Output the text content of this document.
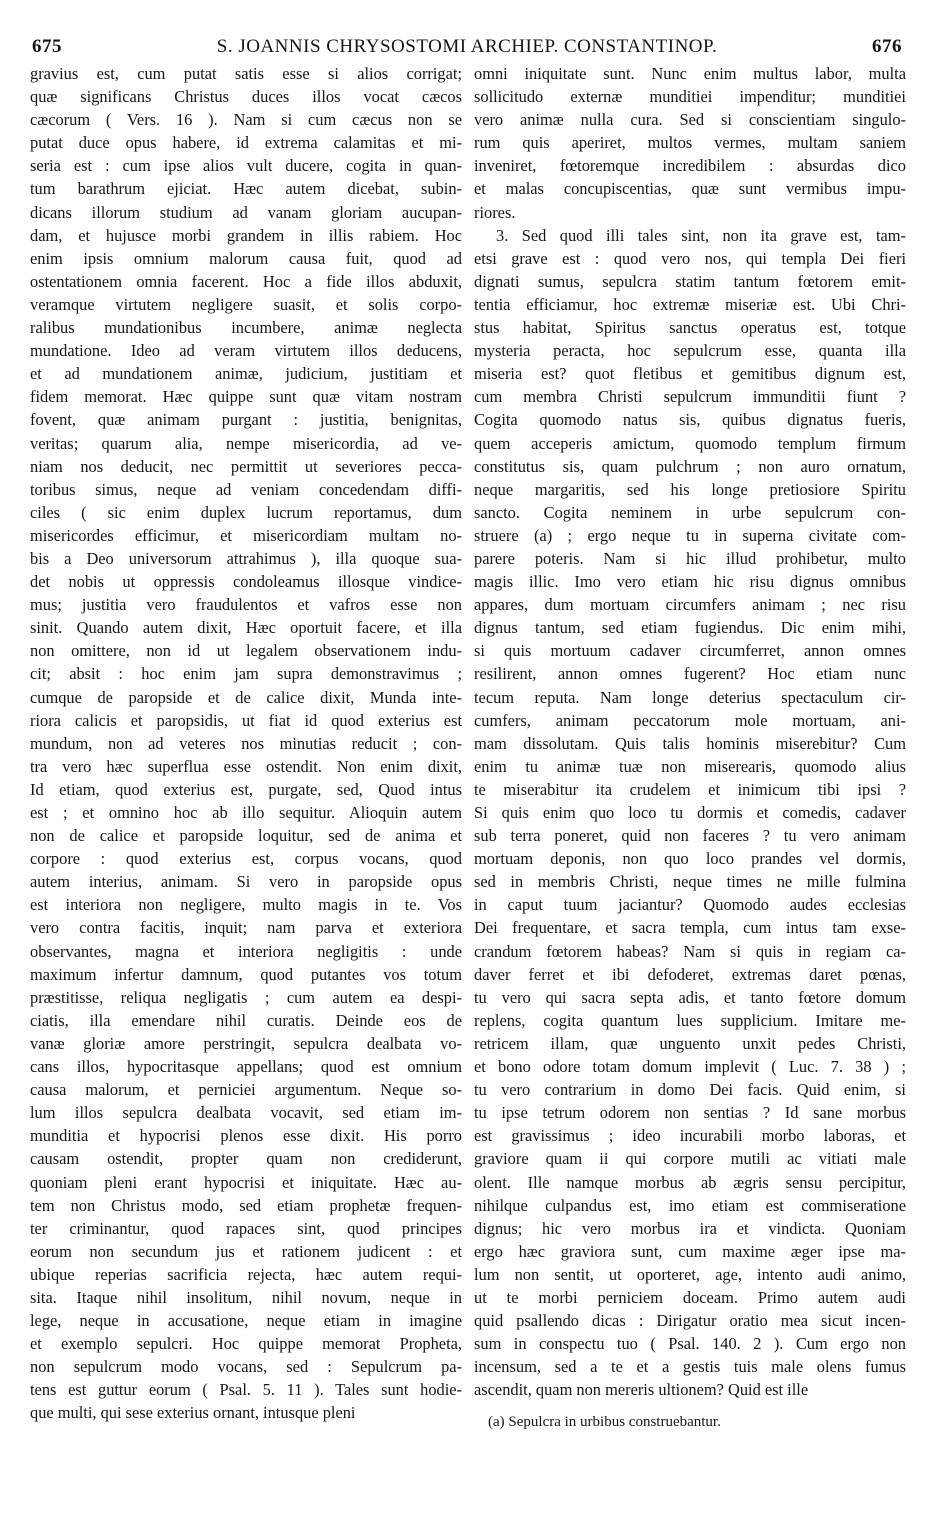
675	S. JOANNIS CHRYSOSTOMI ARCHIEP. CONSTANTINOP.	676
gravius est, cum putat satis esse si alios corrigat;
quæ significans Christus duces illos vocat cæcos
cæcorum ( Vers. 16 ). Nam si cum cæcus non se
putat duce opus habere, id extrema calamitas et mi-
seria est : cum ipse alios vult ducere, cogita in quan-
tum barathrum ejiciat. Hæc autem dicebat, subin-
dicans illorum studium ad vanam gloriam aucupan-
dam, et hujusce morbi grandem in illis rabiem. Hoc
enim ipsis omnium malorum causa fuit, quod ad
ostentationem omnia facerent. Hoc a fide illos abduxit,
veramque virtutem negligere suasit, et solis corpo-
ralibus mundationibus incumbere, animæ neglecta
mundatione. Ideo ad veram virtutem illos deducens,
et ad mundationem animæ, judicium, justitiam et
fidem memorat. Hæc quippe sunt quæ vitam nostram
fovent, quæ animam purgant : justitia, benignitas,
veritas; quarum alia, nempe misericordia, ad ve-
niam nos deducit, nec permittit ut severiores pecca-
toribus simus, neque ad veniam concedendam diffi-
ciles ( sic enim duplex lucrum reportamus, dum
misericordes efficimur, et misericordiam multam no-
bis a Deo universorum attrahimus ), illa quoque sua-
det nobis ut oppressis condoleamus illosque vindice-
mus; justitia vero fraudulentos et vafros esse non
sinit. Quando autem dixit, Hæc oportuit facere, et illa
non omittere, non id ut legalem observationem indu-
cit; absit : hoc enim jam supra demonstravimus ;
cumque de paropside et de calice dixit, Munda inte-
riora calicis et paropsidis, ut fiat id quod exterius est
mundum, non ad veteres nos minutias reducit ; con-
tra vero hæc superflua esse ostendit. Non enim dixit,
Id etiam, quod exterius est, purgate, sed, Quod intus
est ; et omnino hoc ab illo sequitur. Alioquin autem
non de calice et paropside loquitur, sed de anima et
corpore : quod exterius est, corpus vocans, quod
autem interius, animam. Si vero in paropside opus
est interiora non negligere, multo magis in te. Vos
vero contra facitis, inquit; nam parva et exteriora
observantes, magna et interiora negligitis : unde
maximum infertur damnum, quod putantes vos totum
præstitisse, reliqua negligatis ; cum autem ea despi-
ciatis, illa emendare nihil curatis. Deinde eos de
vanæ gloriæ amore perstringit, sepulcra dealbata vo-
cans illos, hypocritasque appellans; quod est omnium
causa malorum, et perniciei argumentum. Neque so-
lum illos sepulcra dealbata vocavit, sed etiam im-
munditia et hypocrisi plenos esse dixit. His porro
causam ostendit, propter quam non crediderunt,
quoniam pleni erant hypocrisi et iniquitate. Hæc au-
tem non Christus modo, sed etiam prophetæ frequen-
ter criminantur, quod rapaces sint, quod principes
eorum non secundum jus et rationem judicent : et
ubique reperias sacrificia rejecta, hæc autem requi-
sita. Itaque nihil insolitum, nihil novum, neque in
lege, neque in accusatione, neque etiam in imagine
et exemplo sepulcri. Hoc quippe memorat Propheta,
non sepulcrum modo vocans, sed : Sepulcrum pa-
tens est guttur eorum ( Psal. 5. 11 ). Tales sunt hodie-
que multi, qui sese exterius ornant, intusque pleni
omni iniquitate sunt. Nunc enim multus labor, multa
sollicitudo externæ munditiei impenditur; munditiei
vero animæ nulla cura. Sed si conscientiam singulo-
rum quis aperiret, multos vermes, multam saniem
inveniret, fœtoremque incredibilem : absurdas dico
et malas concupiscentias, quæ sunt vermibus impu-
riores.
3. Sed quod illi tales sint, non ita grave est, tam-
etsi grave est : quod vero nos, qui templa Dei fieri
dignati sumus, sepulcra statim tantum fœtorem emit-
tentia efficiamur, hoc extremæ miseriæ est. Ubi Chri-
stus habitat, Spiritus sanctus operatus est, totque
mysteria peracta, hoc sepulcrum esse, quanta illa
miseria est? quot fletibus et gemitibus dignum est,
cum membra Christi sepulcrum immunditii fiunt ?
Cogita quomodo natus sis, quibus dignatus fueris,
quem acceperis amictum, quomodo templum firmum
constitutus sis, quam pulchrum ; non auro ornatum,
neque margaritis, sed his longe pretiosiore Spiritu
sancto. Cogita neminem in urbe sepulcrum con-
struere (a) ; ergo neque tu in superna civitate com-
parere poteris. Nam si hic illud prohibetur, multo
magis illic. Imo vero etiam hic risu dignus omnibus
appares, dum mortuam circumfers animam ; nec risu
dignus tantum, sed etiam fugiendus. Dic enim mihi,
si quis mortuum cadaver circumferret, annon omnes
resilirent, annon omnes fugerent? Hoc etiam nunc
tecum reputa. Nam longe deterius spectaculum cir-
cumfers, animam peccatorum mole mortuam, ani-
mam dissolutam. Quis talis hominis miserebitur? Cum
enim tu animæ tuæ non miserearis, quomodo alius
te miserabitur ita crudelem et inimicum tibi ipsi ?
Si quis enim quo loco tu dormis et comedis, cadaver
sub terra poneret, quid non faceres ? tu vero animam
mortuam deponis, non quo loco prandes vel dormis,
sed in membris Christi, neque times ne mille fulmina
in caput tuum jaciantur? Quomodo audes ecclesias
Dei frequentare, et sacra templa, cum intus tam exse-
crandum fœtorem habeas? Nam si quis in regiam ca-
daver ferret et ibi defoderet, extremas daret pœnas,
tu vero qui sacra septa adis, et tanto fœtore domum
replens, cogita quantum lues supplicium. Imitare me-
retricem illam, quæ unguento unxit pedes Christi,
et bono odore totam domum implevit ( Luc. 7. 38 ) ;
tu vero contrarium in domo Dei facis. Quid enim, si
tu ipse tetrum odorem non sentias ? Id sane morbus
est gravissimus ; ideo incurabili morbo laboras, et
graviore quam ii qui corpore mutili ac vitiati male
olent. Ille namque morbus ab ægris sensu percipitur,
nihilque culpandus est, imo etiam est commiseratione
dignus; hic vero morbus ira et vindicta. Quoniam
ergo hæc graviora sunt, cum maxime æger ipse ma-
lum non sentit, ut oporteret, age, intento audi animo,
ut te morbi perniciem doceam. Primo autem audi
quid psallendo dicas : Dirigatur oratio mea sicut incen-
sum in conspectu tuo ( Psal. 140. 2 ). Cum ergo non
incensum, sed a te et a gestis tuis male olens fumus
ascendit, quam non mereris ultionem? Quid est ille
(a) Sepulcra in urbibus construebantur.
